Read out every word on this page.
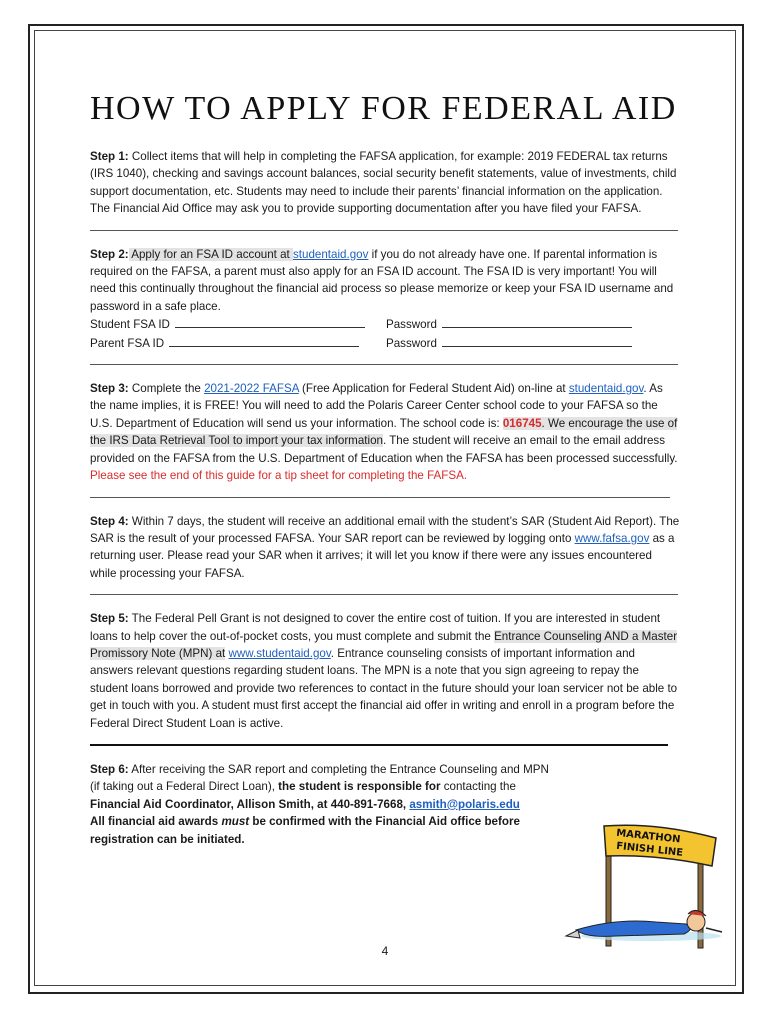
HOW TO APPLY FOR FEDERAL AID

Step 1: Collect items that will help in completing the FAFSA application, for example: 2019 FEDERAL tax returns (IRS 1040), checking and savings account balances, social security benefit statements, value of investments, child support documentation, etc. Students may need to include their parents’ financial information on the application. The Financial Aid Office may ask you to provide supporting documentation after you have filed your FAFSA.

Step 2: Apply for an FSA ID account at studentaid.gov if you do not already have one. If parental information is required on the FAFSA, a parent must also apply for an FSA ID account. The FSA ID is very important! You will need this continually throughout the financial aid process so please memorize or keep your FSA ID username and password in a safe place.

Student FSA ID	Password
Parent FSA ID	Password

Step 3: Complete the 2021-2022 FAFSA (Free Application for Federal Student Aid) on-line at studentaid.gov. As the name implies, it is FREE! You will need to add the Polaris Career Center school code to your FAFSA so the U.S. Department of Education will send us your information. The school code is: 016745. We encourage the use of the IRS Data Retrieval Tool to import your tax information. The student will receive an email to the email address provided on the FAFSA from the U.S. Department of Education when the FAFSA has been processed successfully. Please see the end of this guide for a tip sheet for completing the FAFSA.

Step 4: Within 7 days, the student will receive an additional email with the student’s SAR (Student Aid Report). The SAR is the result of your processed FAFSA. Your SAR report can be reviewed by logging onto www.fafsa.gov as a returning user. Please read your SAR when it arrives; it will let you know if there were any issues encountered while processing your FAFSA.

Step 5: The Federal Pell Grant is not designed to cover the entire cost of tuition. If you are interested in student loans to help cover the out-of-pocket costs, you must complete and submit the Entrance Counseling AND a Master Promissory Note (MPN) at www.studentaid.gov. Entrance counseling consists of important information and answers relevant questions regarding student loans. The MPN is a note that you sign agreeing to repay the student loans borrowed and provide two references to contact in the future should your loan servicer not be able to get in touch with you. A student must first accept the financial aid offer in writing and enroll in a program before the Federal Direct Student Loan is active.

Step 6: After receiving the SAR report and completing the Entrance Counseling and MPN (if taking out a Federal Direct Loan), the student is responsible for contacting the Financial Aid Coordinator, Allison Smith, at 440-891-7668, asmith@polaris.edu

All financial aid awards must be confirmed with the Financial Aid office before registration can be initiated.	MARATHON
FINISH LINE
4
